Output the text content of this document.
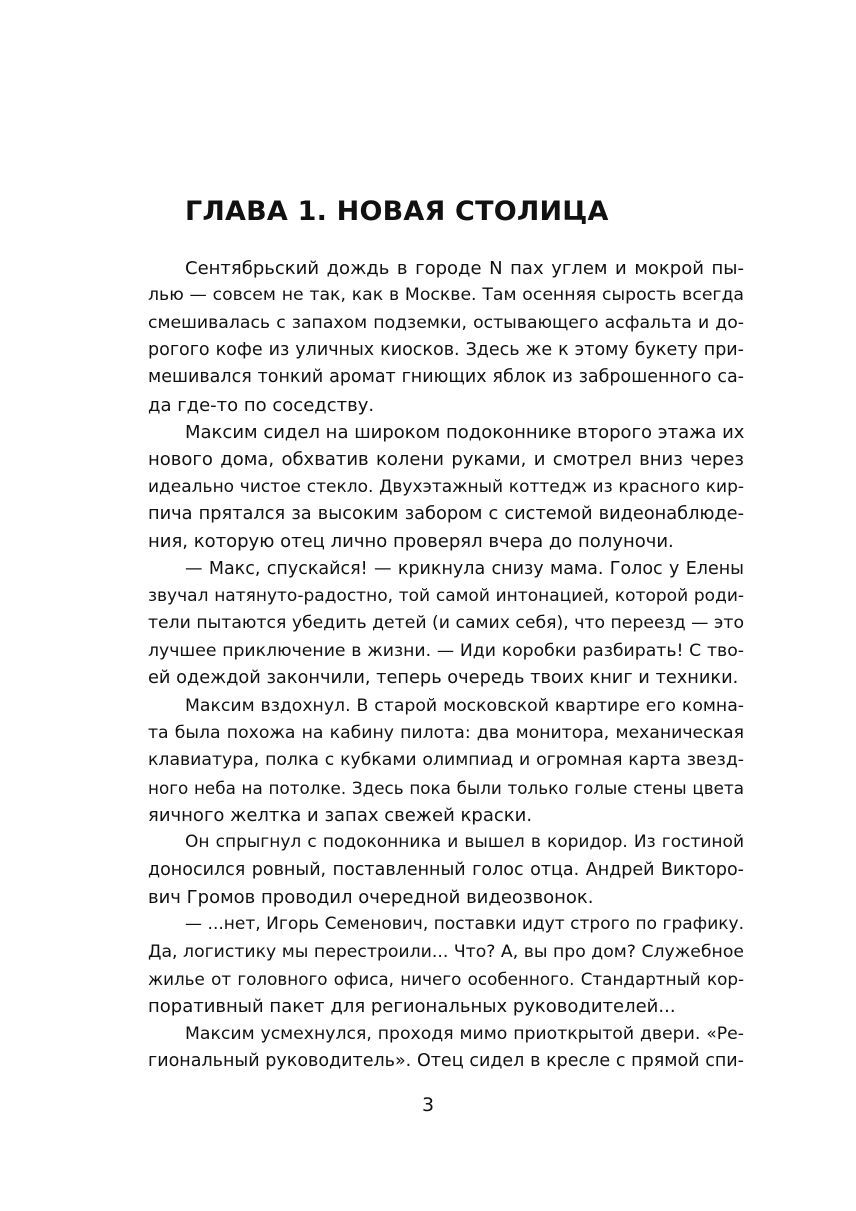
ГЛАВА 1. НОВАЯ СТОЛИЦА
Сентябрьский дождь в городе N пах углем и мокрой пы-
лью — совсем не так, как в Москве. Там осенняя сырость всегда
смешивалась с запахом подземки, остывающего асфальта и до-
рогого кофе из уличных киосков. Здесь же к этому букету при-
мешивался тонкий аромат гниющих яблок из заброшенного са-
да где-то по соседству.
Максим сидел на широком подоконнике второго этажа их
нового дома, обхватив колени руками, и смотрел вниз через
идеально чистое стекло. Двухэтажный коттедж из красного кир-
пича прятался за высоким забором с системой видеонаблюде-
ния, которую отец лично проверял вчера до полуночи.
— Макс, спускайся! — крикнула снизу мама. Голос у Елены
звучал натянуто-радостно, той самой интонацией, которой роди-
тели пытаются убедить детей (и самих себя), что переезд — это
лучшее приключение в жизни. — Иди коробки разбирать! С тво-
ей одеждой закончили, теперь очередь твоих книг и техники.
Максим вздохнул. В старой московской квартире его комна-
та была похожа на кабину пилота: два монитора, механическая
клавиатура, полка с кубками олимпиад и огромная карта звезд-
ного неба на потолке. Здесь пока были только голые стены цвета
яичного желтка и запах свежей краски.
Он спрыгнул с подоконника и вышел в коридор. Из гостиной
доносился ровный, поставленный голос отца. Андрей Викторо-
вич Громов проводил очередной видеозвонок.
— ...нет, Игорь Семенович, поставки идут строго по графику.
Да, логистику мы перестроили... Что? А, вы про дом? Служебное
жилье от головного офиса, ничего особенного. Стандартный кор-
поративный пакет для региональных руководителей...
Максим усмехнулся, проходя мимо приоткрытой двери. «Ре-
гиональный руководитель». Отец сидел в кресле с прямой спи-
3
